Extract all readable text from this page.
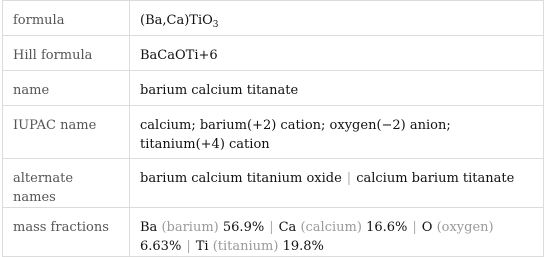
formula	(Ba,Ca)TiO$_3$
Hill formula	BaCaOTi+6
name	barium calcium titanate
IUPAC name	calcium; barium(+2) cation; oxygen(−2) anion; titanium(+4) cation
alternate names	barium calcium titanium oxide | calcium barium titanate
mass fractions	Ba (barium) 56.9% | Ca (calcium) 16.6% | O (oxygen) 6.63% | Ti (titanium) 19.8%
